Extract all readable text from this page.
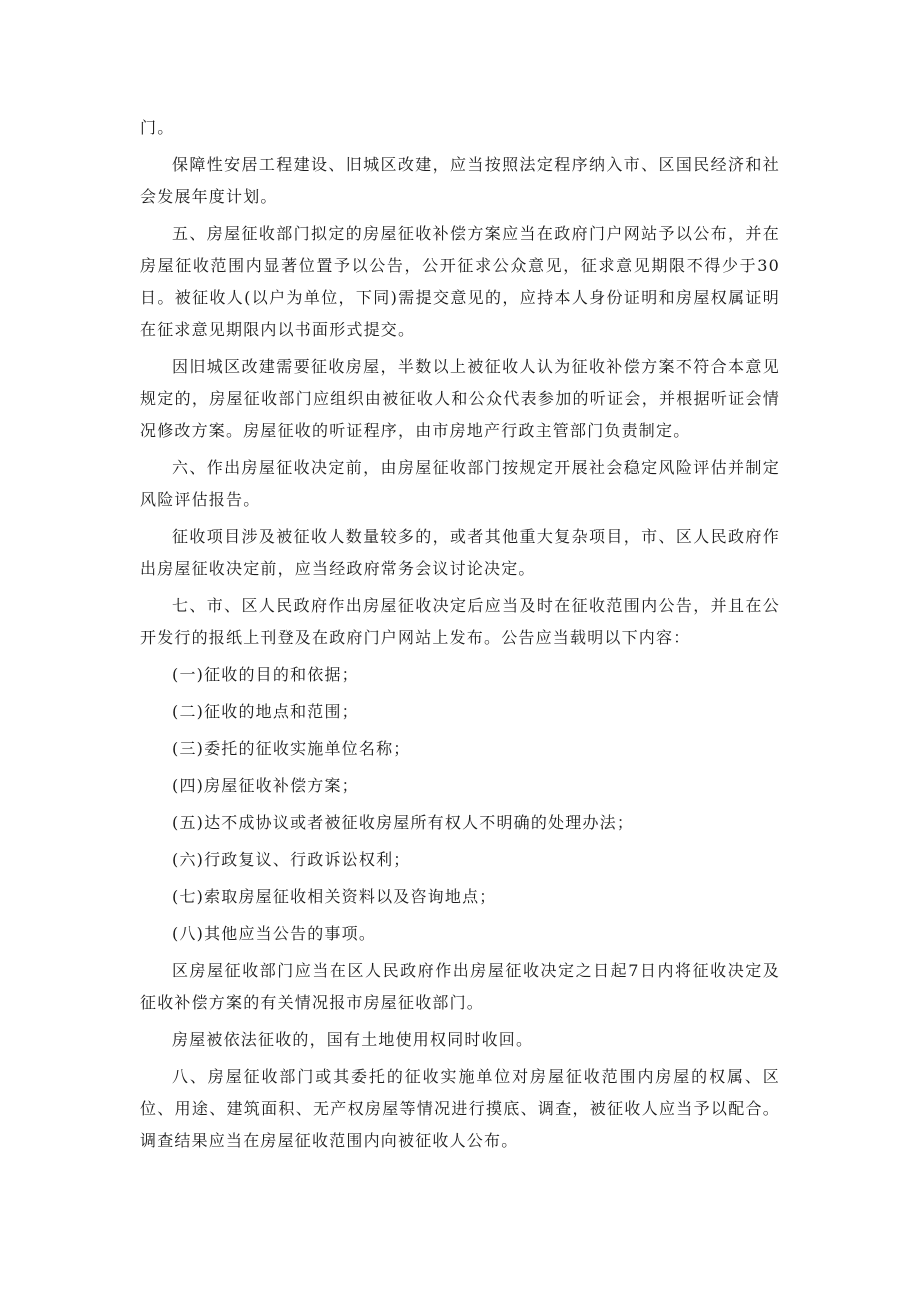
门。

保障性安居工程建设、旧城区改建，应当按照法定程序纳入市、区国民经济和社会发展年度计划。

五、房屋征收部门拟定的房屋征收补偿方案应当在政府门户网站予以公布，并在房屋征收范围内显著位置予以公告，公开征求公众意见，征求意见期限不得少于30日。被征收人(以户为单位，下同)需提交意见的，应持本人身份证明和房屋权属证明在征求意见期限内以书面形式提交。

因旧城区改建需要征收房屋，半数以上被征收人认为征收补偿方案不符合本意见规定的，房屋征收部门应组织由被征收人和公众代表参加的听证会，并根据听证会情况修改方案。房屋征收的听证程序，由市房地产行政主管部门负责制定。

六、作出房屋征收决定前，由房屋征收部门按规定开展社会稳定风险评估并制定风险评估报告。

征收项目涉及被征收人数量较多的，或者其他重大复杂项目，市、区人民政府作出房屋征收决定前，应当经政府常务会议讨论决定。

七、市、区人民政府作出房屋征收决定后应当及时在征收范围内公告，并且在公开发行的报纸上刊登及在政府门户网站上发布。公告应当载明以下内容：

(一)征收的目的和依据；

(二)征收的地点和范围；

(三)委托的征收实施单位名称；

(四)房屋征收补偿方案；

(五)达不成协议或者被征收房屋所有权人不明确的处理办法；

(六)行政复议、行政诉讼权利；

(七)索取房屋征收相关资料以及咨询地点；

(八)其他应当公告的事项。

区房屋征收部门应当在区人民政府作出房屋征收决定之日起7日内将征收决定及征收补偿方案的有关情况报市房屋征收部门。

房屋被依法征收的，国有土地使用权同时收回。

八、房屋征收部门或其委托的征收实施单位对房屋征收范围内房屋的权属、区位、用途、建筑面积、无产权房屋等情况进行摸底、调查，被征收人应当予以配合。调查结果应当在房屋征收范围内向被征收人公布。
